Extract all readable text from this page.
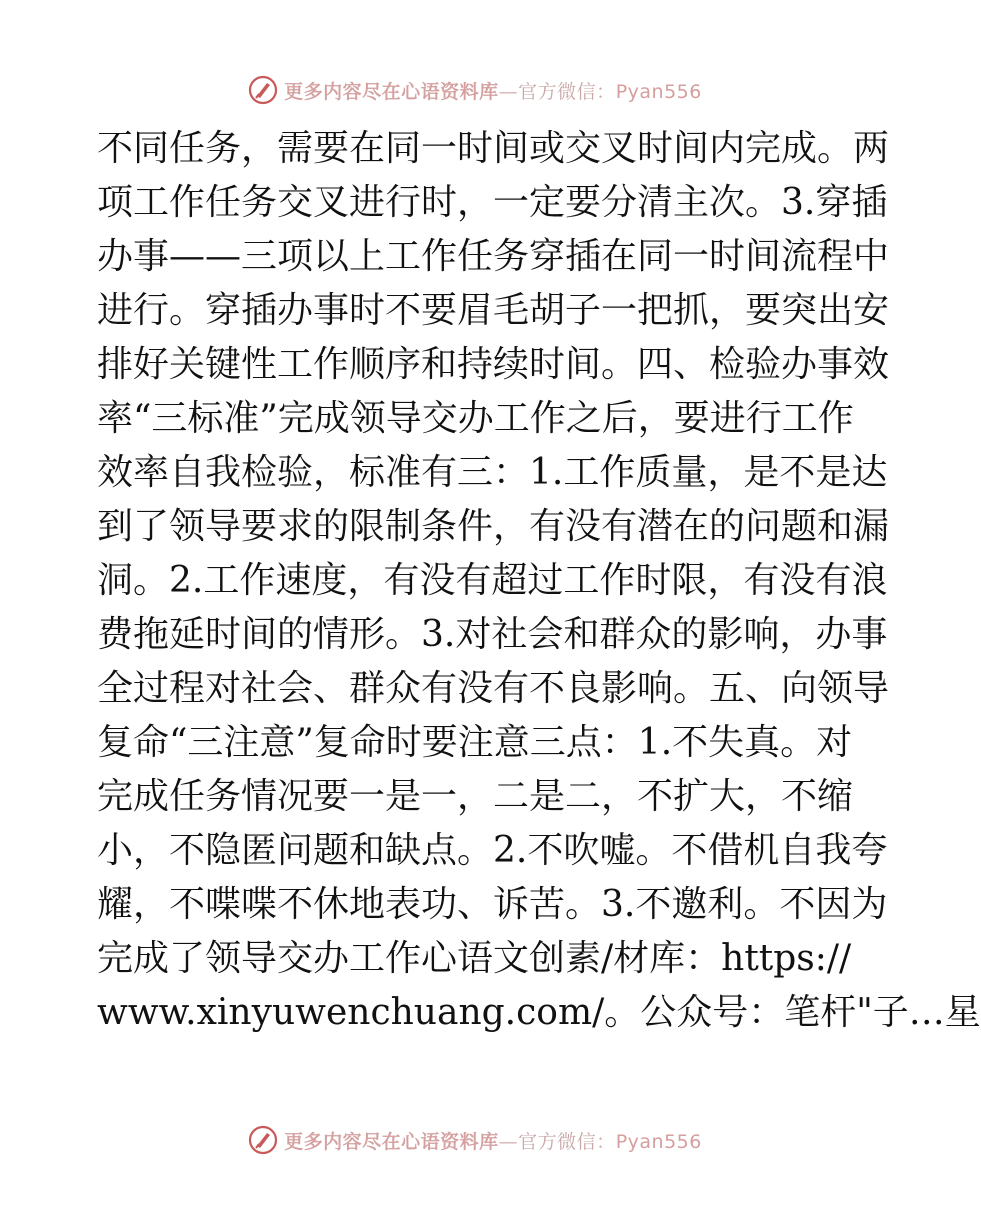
更多内容尽在心语资料库—官方微信：Pyan556
不同任务，需要在同一时间或交叉时间内完成。两
项工作任务交叉进行时，一定要分清主次。3.穿插
办事——三项以上工作任务穿插在同一时间流程中
进行。穿插办事时不要眉毛胡子一把抓，要突出安
排好关键性工作顺序和持续时间。四、检验办事效
率“三标准”完成领导交办工作之后，要进行工作
效率自我检验，标准有三：1.工作质量，是不是达
到了领导要求的限制条件，有没有潜在的问题和漏
洞。2.工作速度，有没有超过工作时限，有没有浪
费拖延时间的情形。3.对社会和群众的影响，办事
全过程对社会、群众有没有不良影响。五、向领导
复命“三注意”复命时要注意三点：1.不失真。对
完成任务情况要一是一，二是二，不扩大，不缩
小，不隐匿问题和缺点。2.不吹嘘。不借机自我夸
耀，不喋喋不休地表功、诉苦。3.不邀利。不因为
完成了领导交办工作心语文创素/材库：https://
www.xinyuwenchuang.com/。公众号：笔杆"子…星
更多内容尽在心语资料库—官方微信：Pyan556
